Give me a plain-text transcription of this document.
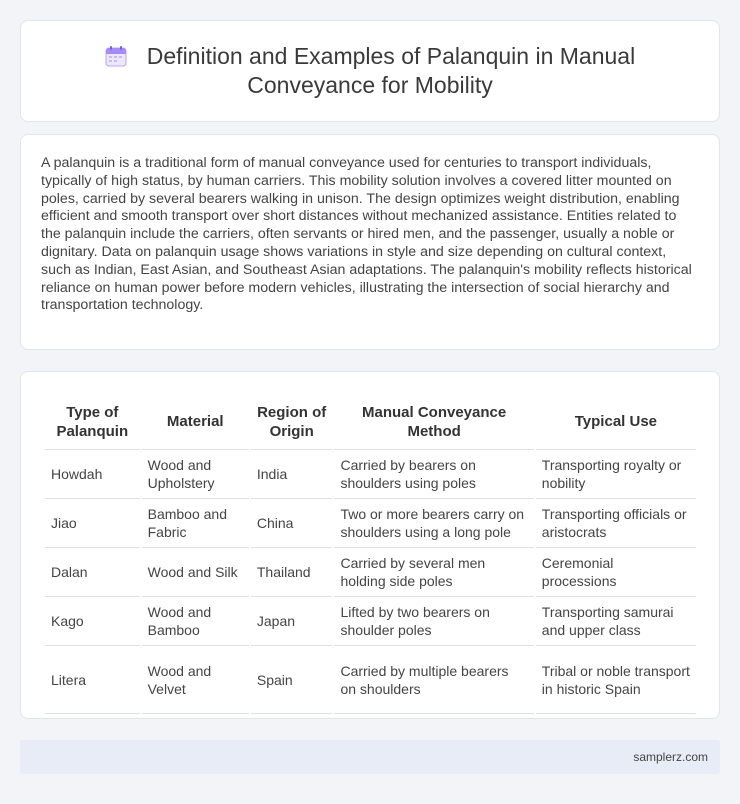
Definition and Examples of Palanquin in Manual Conveyance for Mobility

A palanquin is a traditional form of manual conveyance used for centuries to transport individuals, typically of high status, by human carriers. This mobility solution involves a covered litter mounted on poles, carried by several bearers walking in unison. The design optimizes weight distribution, enabling efficient and smooth transport over short distances without mechanized assistance. Entities related to the palanquin include the carriers, often servants or hired men, and the passenger, usually a noble or dignitary. Data on palanquin usage shows variations in style and size depending on cultural context, such as Indian, East Asian, and Southeast Asian adaptations. The palanquin's mobility reflects historical reliance on human power before modern vehicles, illustrating the intersection of social hierarchy and transportation technology.

Type of Palanquin	Material	Region of Origin	Manual Conveyance Method	Typical Use
Howdah	Wood and Upholstery	India	Carried by bearers on shoulders using poles	Transporting royalty or nobility
Jiao	Bamboo and Fabric	China	Two or more bearers carry on shoulders using a long pole	Transporting officials or aristocrats
Dalan	Wood and Silk	Thailand	Carried by several men holding side poles	Ceremonial processions
Kago	Wood and Bamboo	Japan	Lifted by two bearers on shoulder poles	Transporting samurai and upper class
Litera	Wood and Velvet	Spain	Carried by multiple bearers on shoulders	Tribal or noble transport in historic Spain
samplerz.com
